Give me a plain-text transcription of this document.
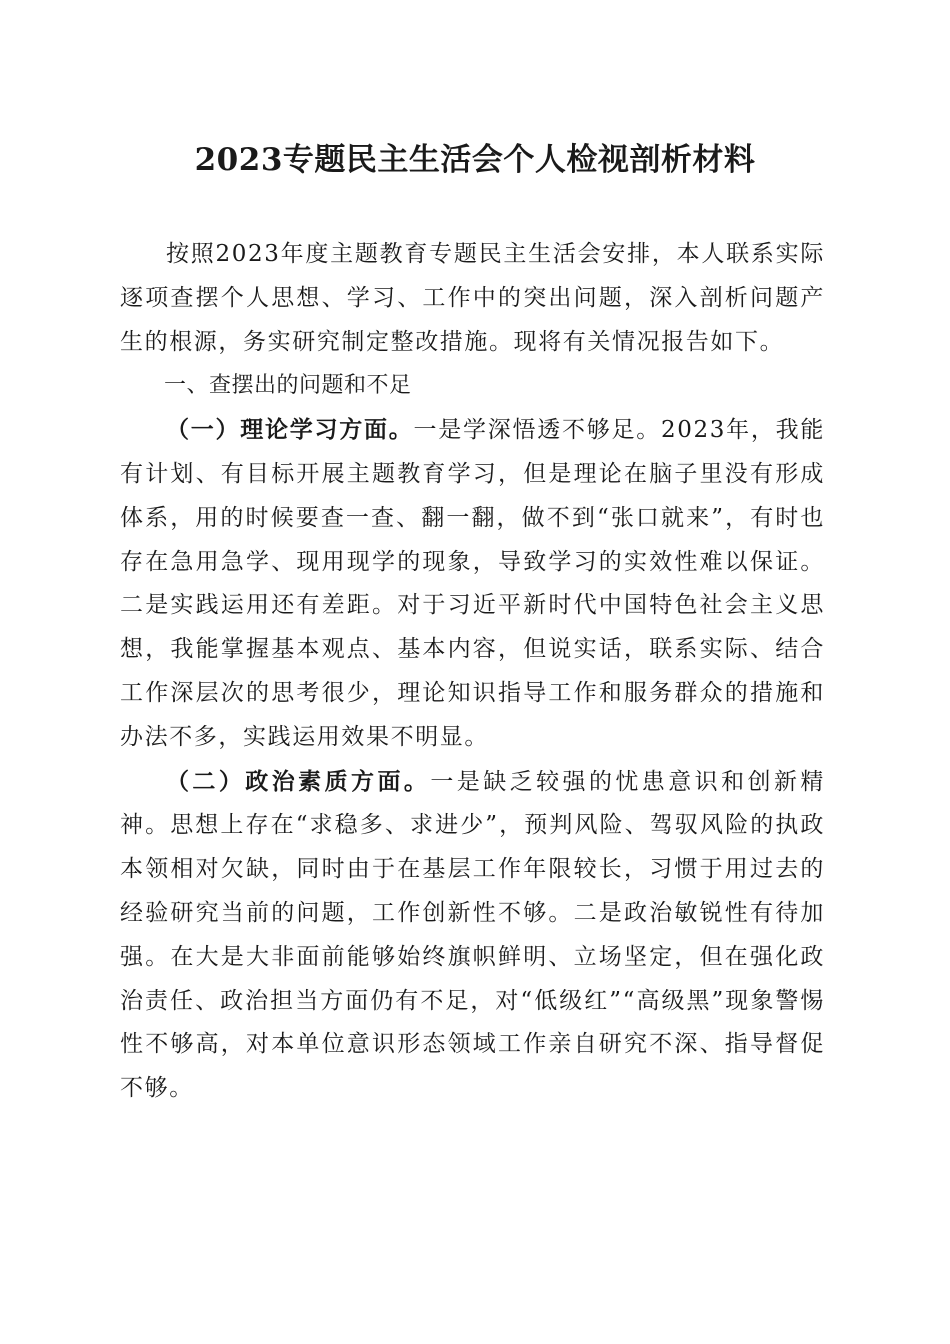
2023专题民主生活会个人检视剖析材料

按照2023年度主题教育专题民主生活会安排，本人联系实际逐项查摆个人思想、学习、工作中的突出问题，深入剖析问题产生的根源，务实研究制定整改措施。现将有关情况报告如下。

一、查摆出的问题和不足

（一）理论学习方面。一是学深悟透不够足。2023年，我能有计划、有目标开展主题教育学习，但是理论在脑子里没有形成体系，用的时候要查一查、翻一翻，做不到“张口就来”，有时也存在急用急学、现用现学的现象，导致学习的实效性难以保证。二是实践运用还有差距。对于习近平新时代中国特色社会主义思想，我能掌握基本观点、基本内容，但说实话，联系实际、结合工作深层次的思考很少，理论知识指导工作和服务群众的措施和办法不多，实践运用效果不明显。

（二）政治素质方面。一是缺乏较强的忧患意识和创新精神。思想上存在“求稳多、求进少”，预判风险、驾驭风险的执政本领相对欠缺，同时由于在基层工作年限较长，习惯于用过去的经验研究当前的问题，工作创新性不够。二是政治敏锐性有待加强。在大是大非面前能够始终旗帜鲜明、立场坚定，但在强化政治责任、政治担当方面仍有不足，对“低级红”“高级黑”现象警惕性不够高，对本单位意识形态领域工作亲自研究不深、指导督促不够。
